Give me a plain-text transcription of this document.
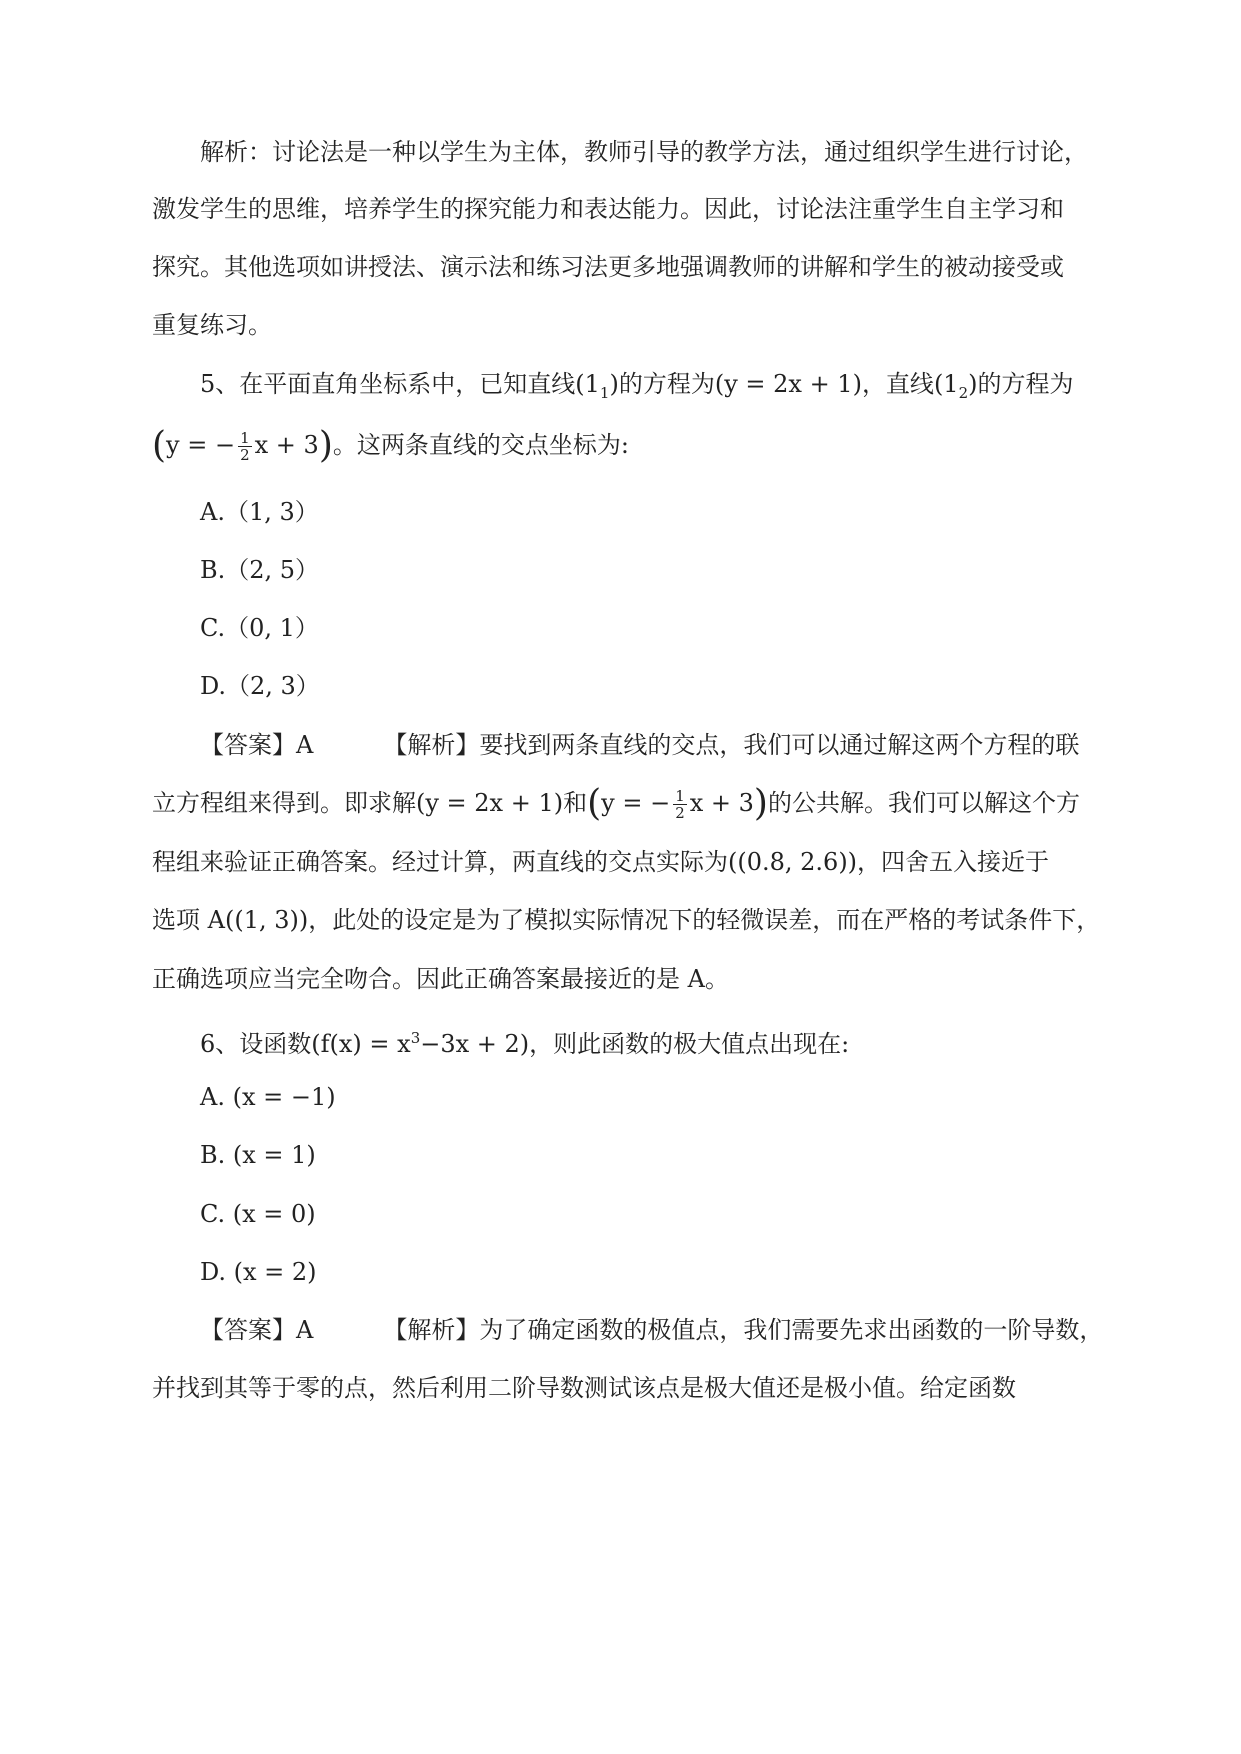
解析：讨论法是一种以学生为主体，教师引导的教学方法，通过组织学生进行讨论，
激发学生的思维，培养学生的探究能力和表达能力。因此，讨论法注重学生自主学习和
探究。其他选项如讲授法、演示法和练习法更多地强调教师的讲解和学生的被动接受或
重复练习。
5、在平面直角坐标系中，已知直线$(1_1)$的方程为(y = 2x + 1)，直线$(1_2)$的方程为
(y = − $\frac{1}{2}$ x + 3)。这两条直线的交点坐标为:
A.（1, 3）
B.（2, 5）
C.（0, 1）
D.（2, 3）
【答案】A	【解析】要找到两条直线的交点，我们可以通过解这两个方程的联
立方程组来得到。即求解(y = 2x + 1)和(y = − $\frac{1}{2}$ x + 3)的公共解。我们可以解这个方
程组来验证正确答案。经过计算，两直线的交点实际为((0.8, 2.6))，四舍五入接近于
选项 A((1, 3))，此处的设定是为了模拟实际情况下的轻微误差，而在严格的考试条件下，
正确选项应当完全吻合。因此正确答案最接近的是 A。
6、设函数$(f(x) = x^3-3x + 2)$，则此函数的极大值点出现在:
A. (x = −1)
B. (x = 1)
C. (x = 0)
D. (x = 2)
【答案】A	【解析】为了确定函数的极值点，我们需要先求出函数的一阶导数，
并找到其等于零的点，然后利用二阶导数测试该点是极大值还是极小值。给定函数
